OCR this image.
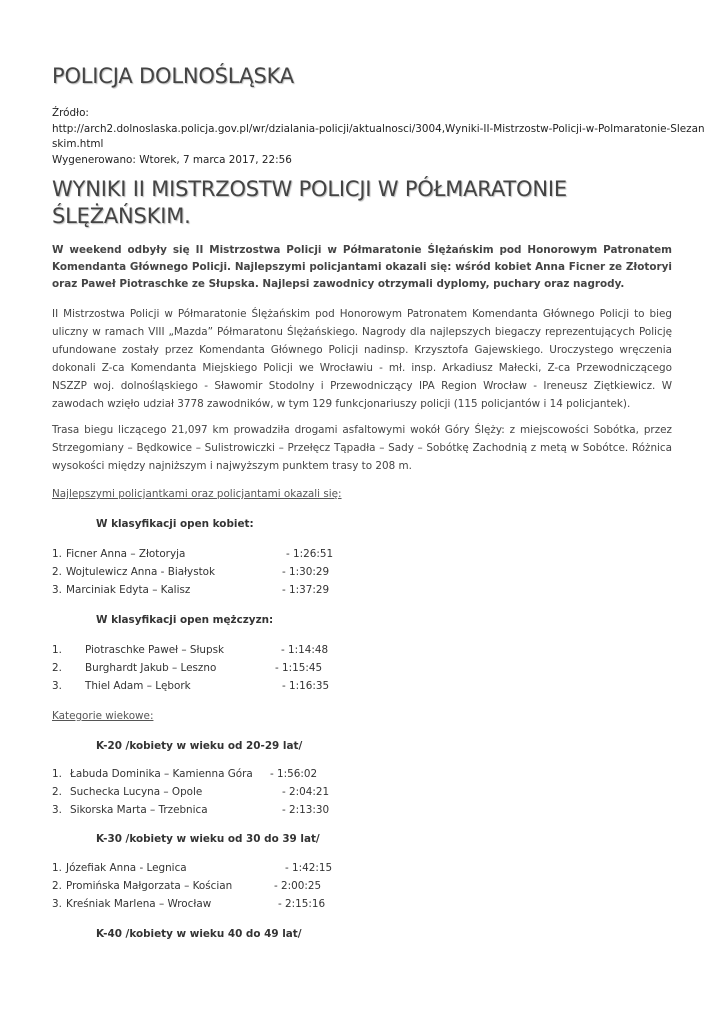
POLICJA DOLNOŚLĄSKA
Źródło:
http://arch2.dolnoslaska.policja.gov.pl/wr/dzialania-policji/aktualnosci/3004,Wyniki-II-Mistrzostw-Policji-w-Polmaratonie-Slezan
skim.html
Wygenerowano: Wtorek, 7 marca 2017, 22:56
WYNIKI II MISTRZOSTW POLICJI W PÓŁMARATONIE ŚLĘŻAŃSKIM.
W weekend odbyły się II Mistrzostwa Policji w Półmaratonie Ślężańskim pod Honorowym Patronatem Komendanta Głównego Policji. Najlepszymi policjantami okazali się: wśród kobiet Anna Ficner ze Złotoryi oraz Paweł Piotraschke ze Słupska. Najlepsi zawodnicy otrzymali dyplomy, puchary oraz nagrody.
II Mistrzostwa Policji w Półmaratonie Ślężańskim pod Honorowym Patronatem Komendanta Głównego Policji to bieg uliczny w ramach VIII „Mazda” Półmaratonu Ślężańskiego. Nagrody dla najlepszych biegaczy reprezentujących Policję ufundowane zostały przez Komendanta Głównego Policji nadinsp. Krzysztofa Gajewskiego. Uroczystego wręczenia dokonali Z-ca Komendanta Miejskiego Policji we Wrocławiu - mł. insp. Arkadiusz Małecki, Z-ca Przewodniczącego NSZZP woj. dolnośląskiego - Sławomir Stodolny i Przewodniczący IPA Region Wrocław - Ireneusz Ziętkiewicz. W zawodach wzięło udział 3778 zawodników, w tym 129 funkcjonariuszy policji (115 policjantów i 14 policjantek).
Trasa biegu liczącego 21,097 km prowadziła drogami asfaltowymi wokół Góry Ślęży: z miejscowości Sobótka, przez Strzegomiany – Będkowice – Sulistrowiczki – Przełęcz Tąpadła – Sady – Sobótkę Zachodnią z metą w Sobótce. Różnica wysokości między najniższym i najwyższym punktem trasy to 208 m.
Najlepszymi policjantkami oraz policjantami okazali się:
W klasyfikacji open kobiet:
1. Ficner Anna – Złotoryja	- 1:26:51
2. Wojtulewicz Anna - Białystok	- 1:30:29
3. Marciniak Edyta – Kalisz	- 1:37:29
W klasyfikacji open mężczyzn:
1. Piotraschke Paweł – Słupsk	- 1:14:48
2. Burghardt Jakub – Leszno	- 1:15:45
3. Thiel Adam – Lębork	- 1:16:35
Kategorie wiekowe:
K-20 /kobiety w wieku od 20-29 lat/
1. Łabuda Dominika – Kamienna Góra - 1:56:02
2. Suchecka Lucyna – Opole	- 2:04:21
3. Sikorska Marta – Trzebnica	- 2:13:30
K-30 /kobiety w wieku od 30 do 39 lat/
1. Józefiak Anna - Legnica	- 1:42:15
2. Promińska Małgorzata – Kościan	- 2:00:25
3. Kreśniak Marlena – Wrocław	- 2:15:16
K-40 /kobiety w wieku 40 do 49 lat/
